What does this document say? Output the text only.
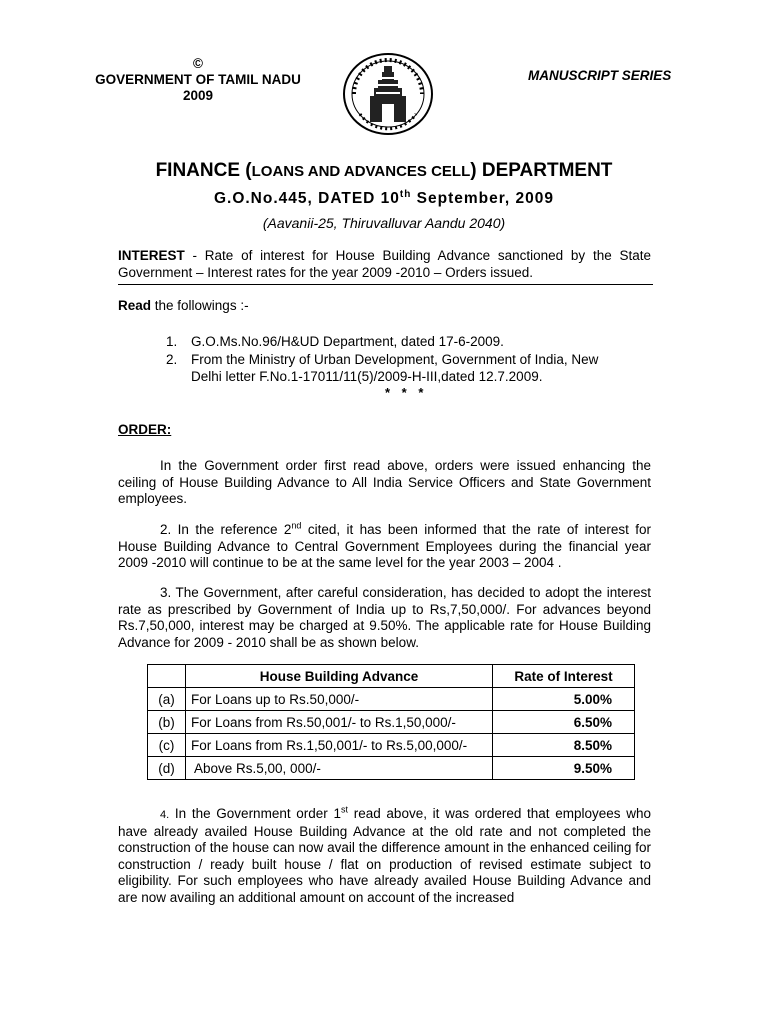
©
GOVERNMENT OF TAMIL NADU
2009
MANUSCRIPT SERIES
FINANCE (LOANS AND ADVANCES CELL) DEPARTMENT
G.O.No.445, DATED 10th September, 2009
(Aavanii-25, Thiruvalluvar Aandu 2040)
INTEREST - Rate of interest for House Building Advance sanctioned by the State Government – Interest rates for the year 2009 -2010 – Orders issued.
Read the followings :-
1.	G.O.Ms.No.96/H&UD Department, dated 17-6-2009.
2.	From the Ministry of Urban Development, Government of India, New Delhi letter F.No.1-17011/11(5)/2009-H-III,dated 12.7.2009.
* * *
ORDER:
In the Government order first read above, orders were issued enhancing the ceiling of House Building Advance to All India Service Officers and State Government employees.
2. In the reference 2nd cited, it has been informed that the rate of interest for House Building Advance to Central Government Employees during the financial year 2009 -2010 will continue to be at the same level for the year 2003 – 2004 .
3. The Government, after careful consideration, has decided to adopt the interest rate as prescribed by Government of India up to Rs,7,50,000/. For advances beyond Rs.7,50,000, interest may be charged at 9.50%. The applicable rate for House Building Advance for 2009 - 2010 shall be as shown below.
	House Building Advance	Rate of Interest
(a)	For Loans up to Rs.50,000/-	5.00%
(b)	For Loans from Rs.50,001/- to Rs.1,50,000/-	6.50%
(c)	For Loans from Rs.1,50,001/- to Rs.5,00,000/-	8.50%
(d)	Above Rs.5,00, 000/-	9.50%
4. In the Government order 1st read above, it was ordered that employees who have already availed House Building Advance at the old rate and not completed the construction of the house can now avail the difference amount in the enhanced ceiling for construction / ready built house / flat on production of revised estimate subject to eligibility. For such employees who have already availed House Building Advance and are now availing an additional amount on account of the increased
